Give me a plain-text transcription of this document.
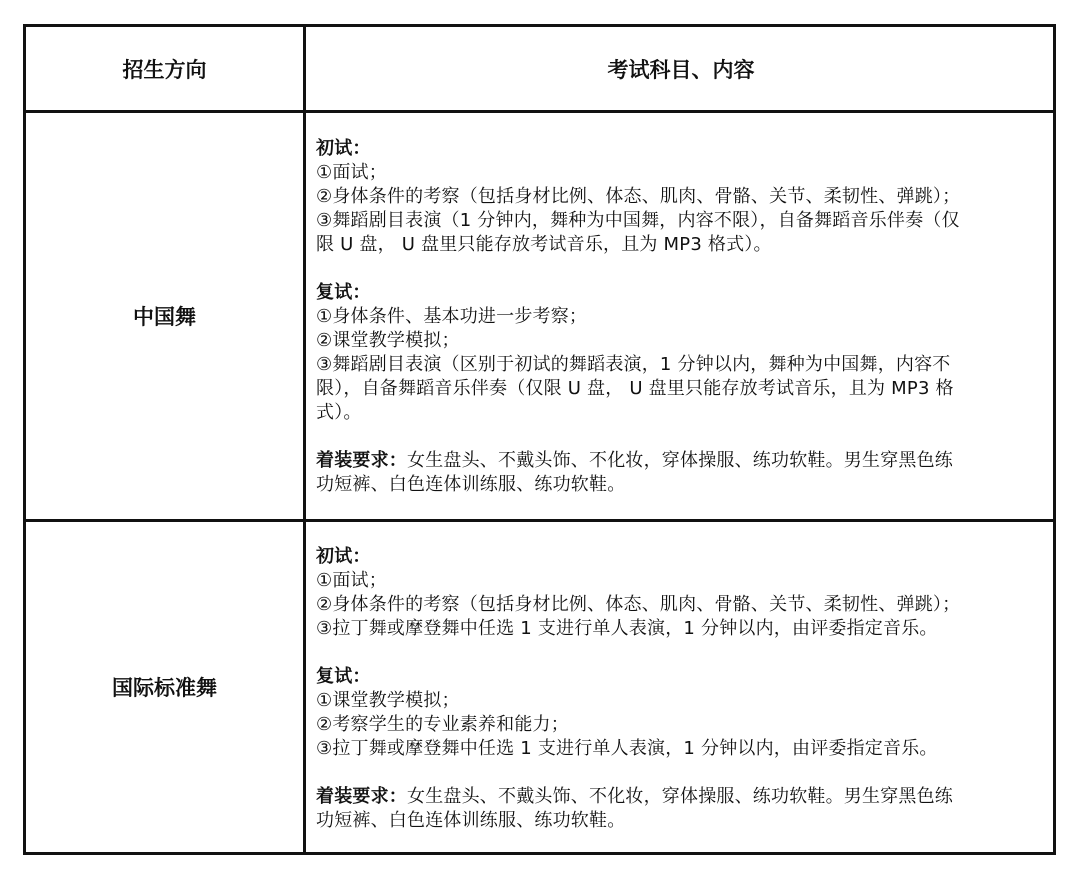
招生方向	考试科目、内容
中国舞
初试：
①面试；
②身体条件的考察（包括身材比例、体态、肌肉、骨骼、关节、柔韧性、弹跳）；
③舞蹈剧目表演（1 分钟内，舞种为中国舞，内容不限），自备舞蹈音乐伴奏（仅
限 U 盘， U 盘里只能存放考试音乐，且为 MP3 格式）。
复试：
①身体条件、基本功进一步考察；
②课堂教学模拟；
③舞蹈剧目表演（区别于初试的舞蹈表演，1 分钟以内，舞种为中国舞，内容不
限），自备舞蹈音乐伴奏（仅限 U 盘， U 盘里只能存放考试音乐，且为 MP3 格
式）。
着装要求：女生盘头、不戴头饰、不化妆，穿体操服、练功软鞋。男生穿黑色练
功短裤、白色连体训练服、练功软鞋。
国际标准舞
初试：
①面试；
②身体条件的考察（包括身材比例、体态、肌肉、骨骼、关节、柔韧性、弹跳）；
③拉丁舞或摩登舞中任选 1 支进行单人表演，1 分钟以内，由评委指定音乐。
复试：
①课堂教学模拟；
②考察学生的专业素养和能力；
③拉丁舞或摩登舞中任选 1 支进行单人表演，1 分钟以内，由评委指定音乐。
着装要求：女生盘头、不戴头饰、不化妆，穿体操服、练功软鞋。男生穿黑色练
功短裤、白色连体训练服、练功软鞋。
